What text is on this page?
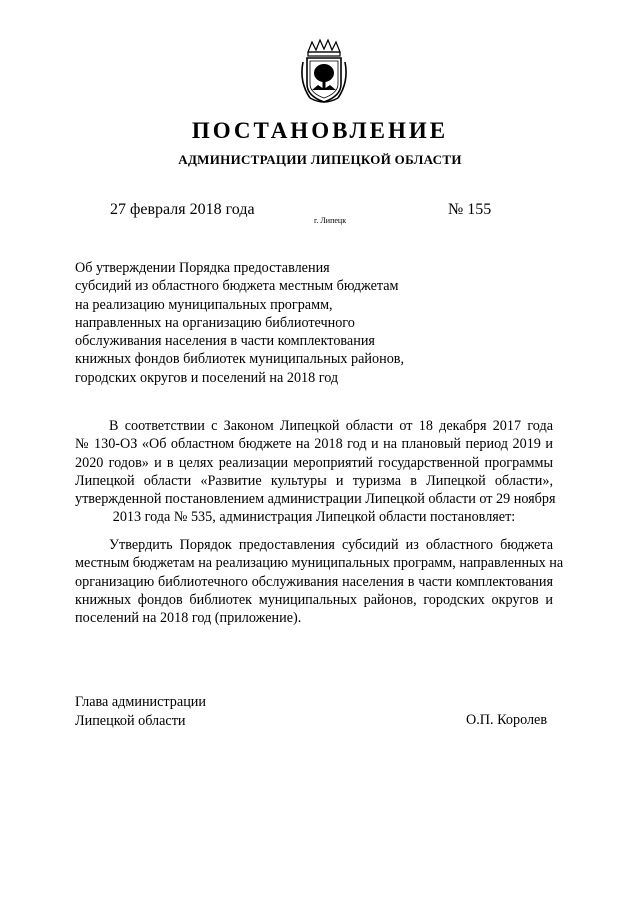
ПОСТАНОВЛЕНИЕ
АДМИНИСТРАЦИИ ЛИПЕЦКОЙ ОБЛАСТИ
27 февраля 2018 года
г. Липецк
№ 155
Об утверждении Порядка предоставления
субсидий из областного бюджета местным бюджетам
на реализацию муниципальных программ,
направленных на организацию библиотечного
обслуживания населения в части комплектования
книжных фондов библиотек муниципальных районов,
городских округов и поселений на 2018 год
В соответствии с Законом Липецкой области от 18 декабря 2017 года
№ 130-ОЗ «Об областном бюджете на 2018 год и на плановый период 2019 и
2020 годов» и в целях реализации мероприятий государственной программы
Липецкой области «Развитие культуры и туризма в Липецкой области»,
утвержденной постановлением администрации Липецкой области от 29 ноября
2013 года № 535, администрация Липецкой области постановляет:
Утвердить Порядок предоставления субсидий из областного бюджета
местным бюджетам на реализацию муниципальных программ, направленных на
организацию библиотечного обслуживания населения в части комплектования
книжных фондов библиотек муниципальных районов, городских округов и
поселений на 2018 год (приложение).
Глава администрации
Липецкой области	О.П. Королев
